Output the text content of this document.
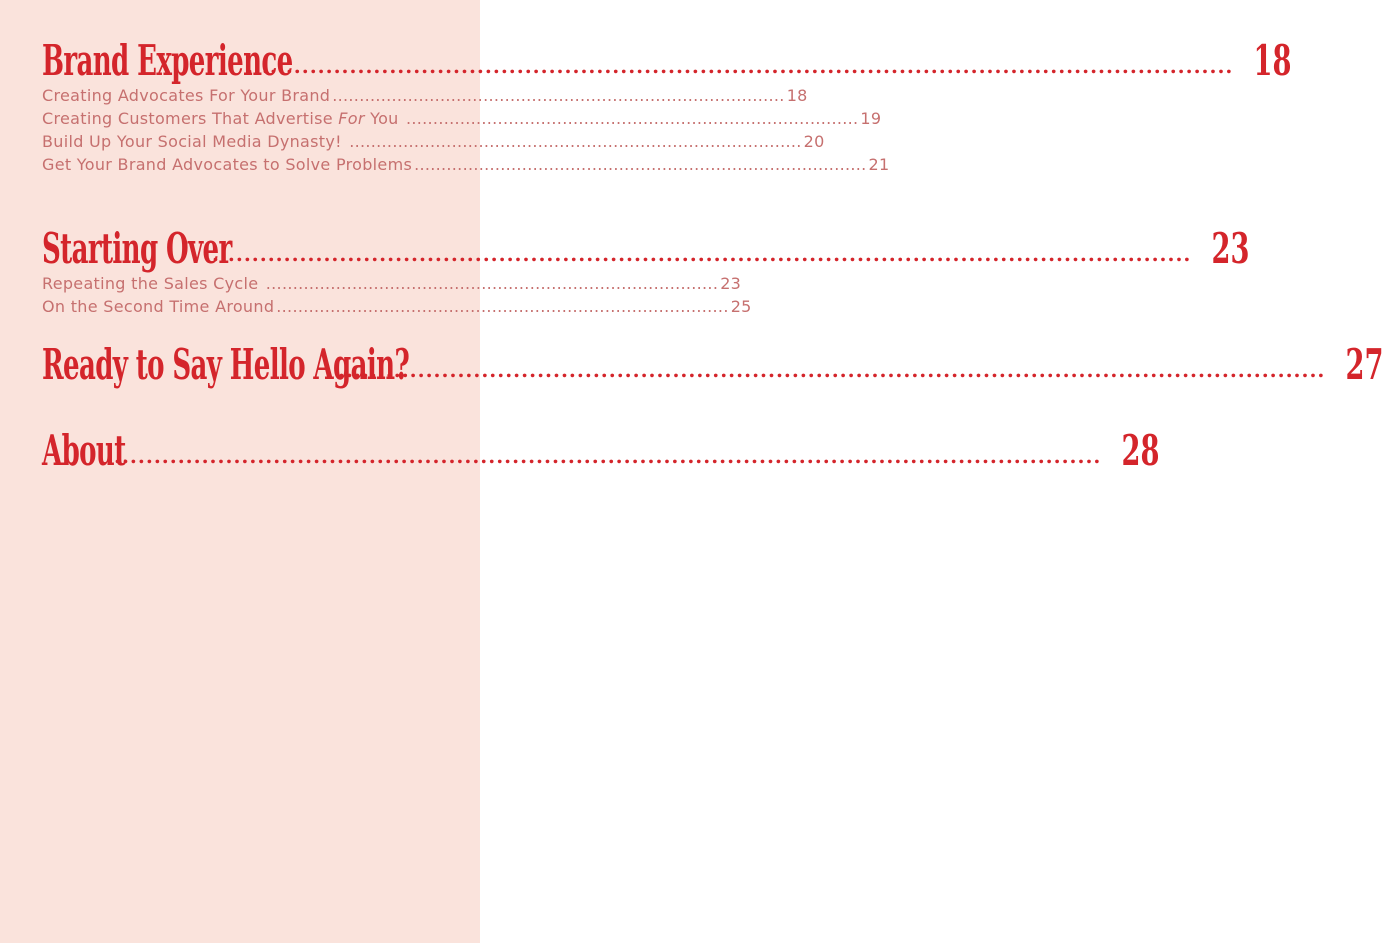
Brand Experience
............................................................................................................................ 18
Creating Advocates For Your Brand .................................................................................... 18
Creating Customers That Advertise For You .................................................................................... 19
Build Up Your Social Media Dynasty! .................................................................................... 20
Get Your Brand Advocates to Solve Problems .................................................................................... 21
Starting Over
............................................................................................................................ 23
Repeating the Sales Cycle .................................................................................... 23
On the Second Time Around .................................................................................... 25
Ready to Say Hello Again?
............................................................................................................................ 27
About
............................................................................................................................ 28
